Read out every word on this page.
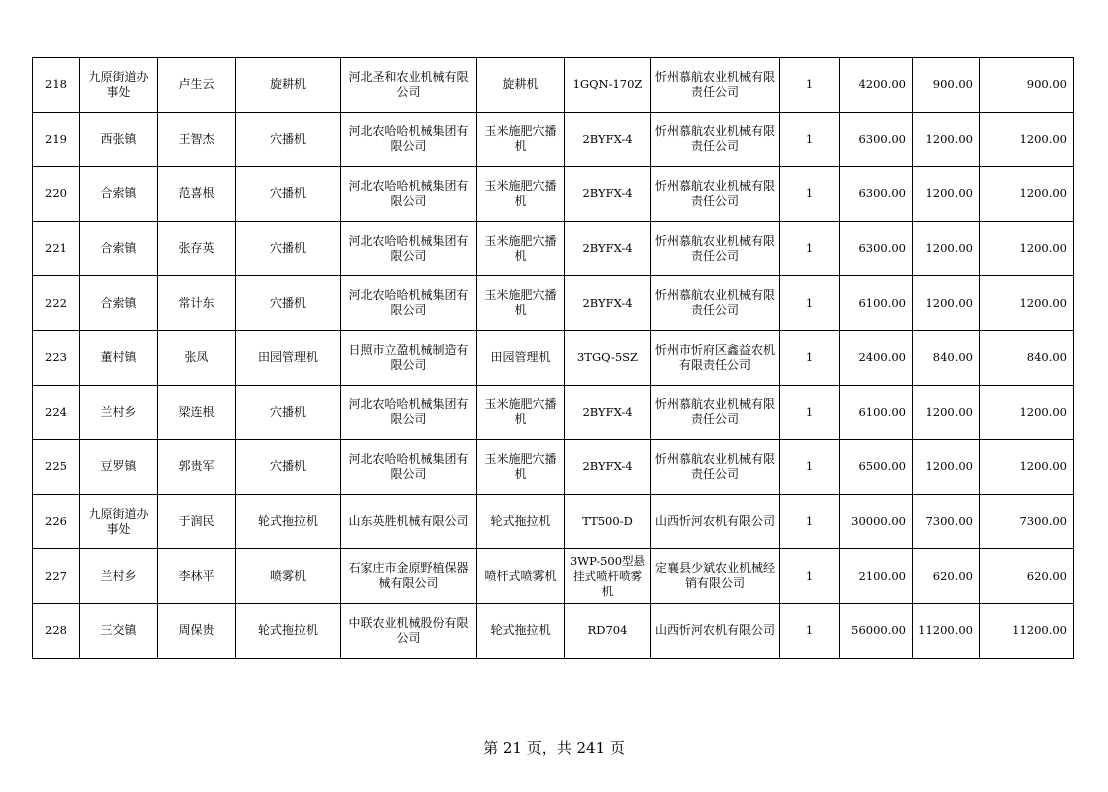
218	九原街道办事处	卢生云	旋耕机	河北圣和农业机械有限公司	旋耕机	1GQN-170Z	忻州慕航农业机械有限责任公司	1	4200.00	900.00	900.00
219	西张镇	王智杰	穴播机	河北农哈哈机械集团有限公司	玉米施肥穴播机	2BYFX-4	忻州慕航农业机械有限责任公司	1	6300.00	1200.00	1200.00
220	合索镇	范喜根	穴播机	河北农哈哈机械集团有限公司	玉米施肥穴播机	2BYFX-4	忻州慕航农业机械有限责任公司	1	6300.00	1200.00	1200.00
221	合索镇	张存英	穴播机	河北农哈哈机械集团有限公司	玉米施肥穴播机	2BYFX-4	忻州慕航农业机械有限责任公司	1	6300.00	1200.00	1200.00
222	合索镇	常计东	穴播机	河北农哈哈机械集团有限公司	玉米施肥穴播机	2BYFX-4	忻州慕航农业机械有限责任公司	1	6100.00	1200.00	1200.00
223	董村镇	张凤	田园管理机	日照市立盈机械制造有限公司	田园管理机	3TGQ-5SZ	忻州市忻府区鑫益农机有限责任公司	1	2400.00	840.00	840.00
224	兰村乡	梁连根	穴播机	河北农哈哈机械集团有限公司	玉米施肥穴播机	2BYFX-4	忻州慕航农业机械有限责任公司	1	6100.00	1200.00	1200.00
225	豆罗镇	郭贵军	穴播机	河北农哈哈机械集团有限公司	玉米施肥穴播机	2BYFX-4	忻州慕航农业机械有限责任公司	1	6500.00	1200.00	1200.00
226	九原街道办事处	于润民	轮式拖拉机	山东英胜机械有限公司	轮式拖拉机	TT500-D	山西忻河农机有限公司	1	30000.00	7300.00	7300.00
227	兰村乡	李林平	喷雾机	石家庄市金原野植保器械有限公司	喷杆式喷雾机	3WP-500型悬挂式喷杆喷雾机	定襄县少斌农业机械经销有限公司	1	2100.00	620.00	620.00
228	三交镇	周保贵	轮式拖拉机	中联农业机械股份有限公司	轮式拖拉机	RD704	山西忻河农机有限公司	1	56000.00	11200.00	11200.00
第 21 页，共 241 页
